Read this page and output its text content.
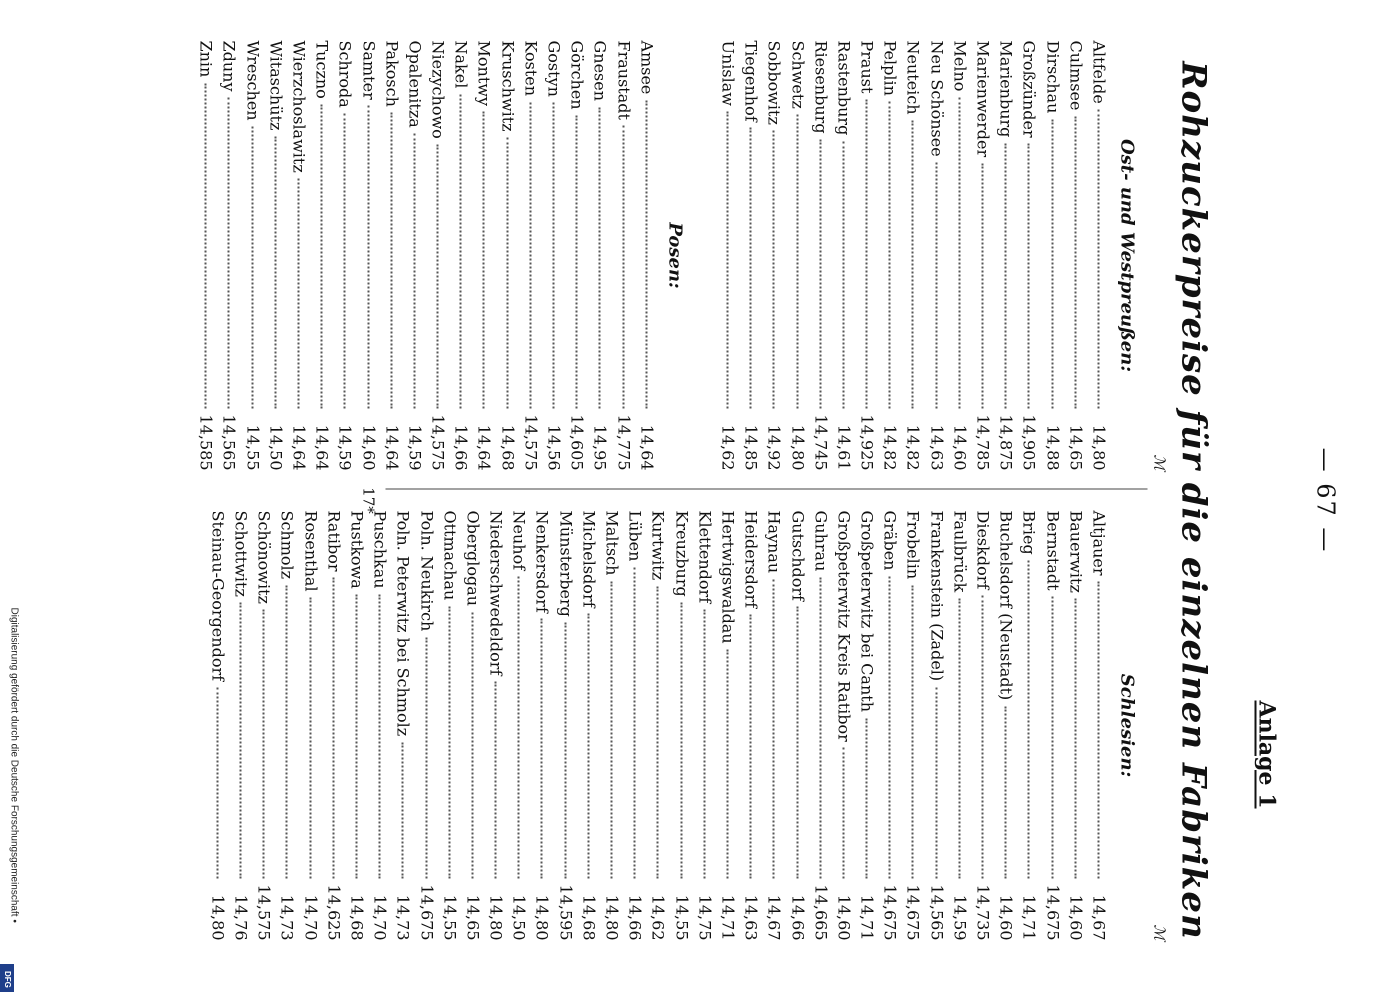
— 67 —
Anlage 1
Rohzuckerpreise für die einzelnen Fabriken
ℳ
Ost- und Westpreußen:
Altfelde
14,80
Culmsee
14,65
Dirschau
14,88
Großzünder
14,905
Marienburg
14,875
Marienwerder
14,785
Melno
14,60
Neu Schönsee
14,63
Neuteich
14,82
Pelplin
14,82
Praust
14,925
Rastenburg
14,61
Riesenburg
14,745
Schwetz
14,80
Sobbowitz
14,92
Tiegenhof
14,85
Unislaw
14,62
Posen:
Amsee
14,64
Fraustadt
14,775
Gnesen
14,95
Görchen
14,605
Gostyn
14,56
Kosten
14,575
Kruschwitz
14,68
Montwy
14,64
Nakel
14,66
Niezychowo
14,575
Opalenitza
14,59
Pakosch
14,64
Samter
14,60
Schroda
14,59
Tuczno
14,64
Wierzchoslawitz
14,64
Witaschütz
14,50
Wreschen
14,55
Zduny
14,565
Znin
14,585
ℳ
Schlesien:
Altjauer
14,67
Bauerwitz
14,60
Bernstadt
14,675
Brieg
14,71
Buchelsdorf (Neustadt)
14,60
Dieskdorf
14,735
Faulbrück
14,59
Frankenstein (Zadel)
14,565
Frobelin
14,675
Gräben
14,675
Großpeterwitz bei Canth
14,71
Großpeterwitz Kreis Ratibor
14,60
Guhrau
14,665
Gutschdorf
14,66
Haynau
14,67
Heidersdorf
14,63
Hertwigswaldau
14,71
Klettendorf
14,75
Kreuzburg
14,55
Kurtwitz
14,62
Lüben
14,66
Maltsch
14,80
Michelsdorf
14,68
Münsterberg
14,595
Nenkersdorf
14,80
Neuhof
14,50
Niederschwedeldorf
14,80
Oberglogau
14,65
Ottmachau
14,55
Poln. Neukirch
14,675
Poln. Peterwitz bei Schmolz
14,73
Puschkau
14,70
Pustkowa
14,68
Ratibor
14,625
Rosenthal
14,70
Schmolz
14,73
Schönowitz
14,575
Schottwitz
14,76
Steinau-Georgendorf
14,80
17*
Digitalisierung gefördert durch die Deutsche Forschungsgemeinschaft •
DFG
